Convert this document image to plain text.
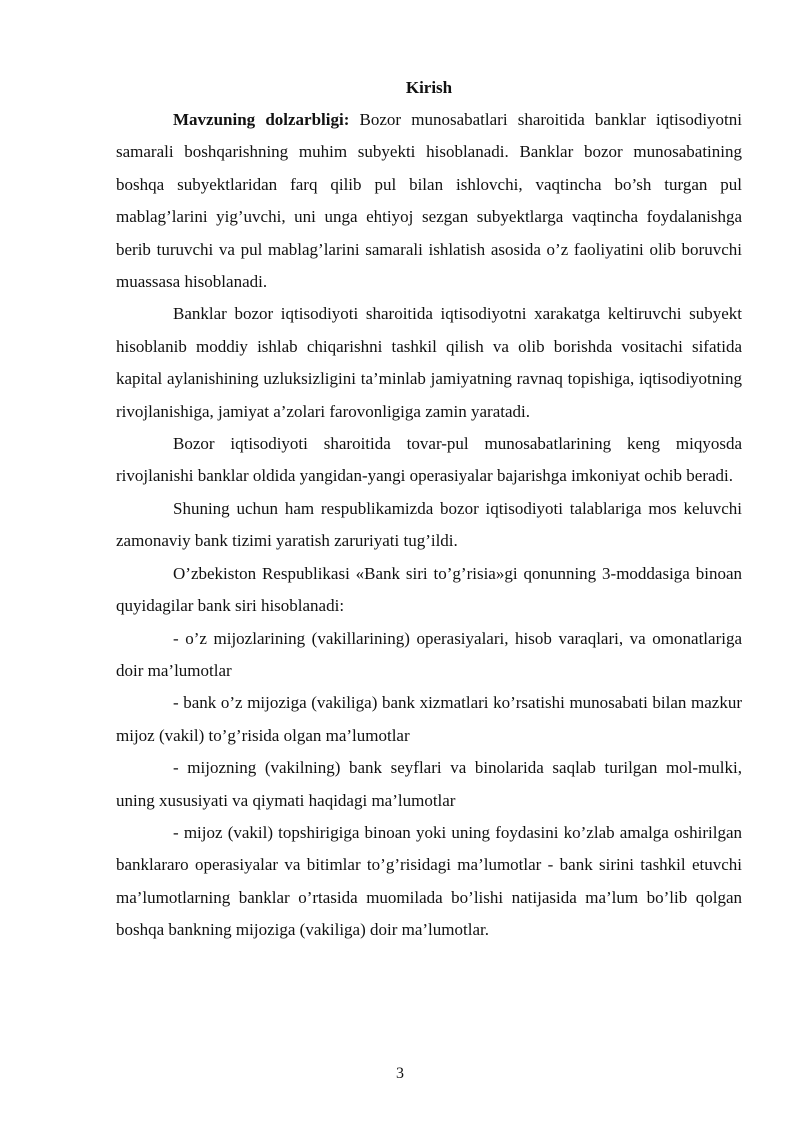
Kirish

Mavzuning dolzarbligi: Bozor munosabatlari sharoitida banklar iqtisodiyotni samarali boshqarishning muhim subyekti hisoblanadi. Banklar bozor munosabatining boshqa subyektlaridan farq qilib pul bilan ishlovchi, vaqtincha bo’sh turgan pul mablag’larini yig’uvchi, uni unga ehtiyoj sezgan subyektlarga vaqtincha foydalanishga berib turuvchi va pul mablag’larini samarali ishlatish asosida o’z faoliyatini olib boruvchi muassasa hisoblanadi.

Banklar bozor iqtisodiyoti sharoitida iqtisodiyotni xarakatga keltiruvchi subyekt hisoblanib moddiy ishlab chiqarishni tashkil qilish va olib borishda vositachi sifatida kapital aylanishining uzluksizligini ta’minlab jamiyatning ravnaq topishiga, iqtisodiyotning rivojlanishiga, jamiyat a’zolari farovonligiga zamin yaratadi.

Bozor iqtisodiyoti sharoitida tovar-pul munosabatlarining keng miqyosda rivojlanishi banklar oldida yangidan-yangi operasiyalar bajarishga imkoniyat ochib beradi.

Shuning uchun ham respublikamizda bozor iqtisodiyoti talablariga mos keluvchi zamonaviy bank tizimi yaratish zaruriyati tug’ildi.

O’zbekiston Respublikasi «Bank siri to’g’risia»gi qonunning 3-moddasiga binoan quyidagilar bank siri hisoblanadi:

- o’z mijozlarining (vakillarining) operasiyalari, hisob varaqlari, va omonatlariga doir ma’lumotlar

- bank o’z mijoziga (vakiliga) bank xizmatlari ko’rsatishi munosabati bilan mazkur mijoz (vakil) to’g’risida olgan ma’lumotlar

- mijozning (vakilning) bank seyflari va binolarida saqlab turilgan mol-mulki, uning xususiyati va qiymati haqidagi ma’lumotlar

- mijoz (vakil) topshirigiga binoan yoki uning foydasini ko’zlab amalga oshirilgan banklararo operasiyalar va bitimlar to’g’risidagi ma’lumotlar - bank sirini tashkil etuvchi ma’lumotlarning banklar o’rtasida muomilada bo’lishi natijasida ma’lum bo’lib qolgan boshqa bankning mijoziga (vakiliga) doir ma’lumotlar.

3
